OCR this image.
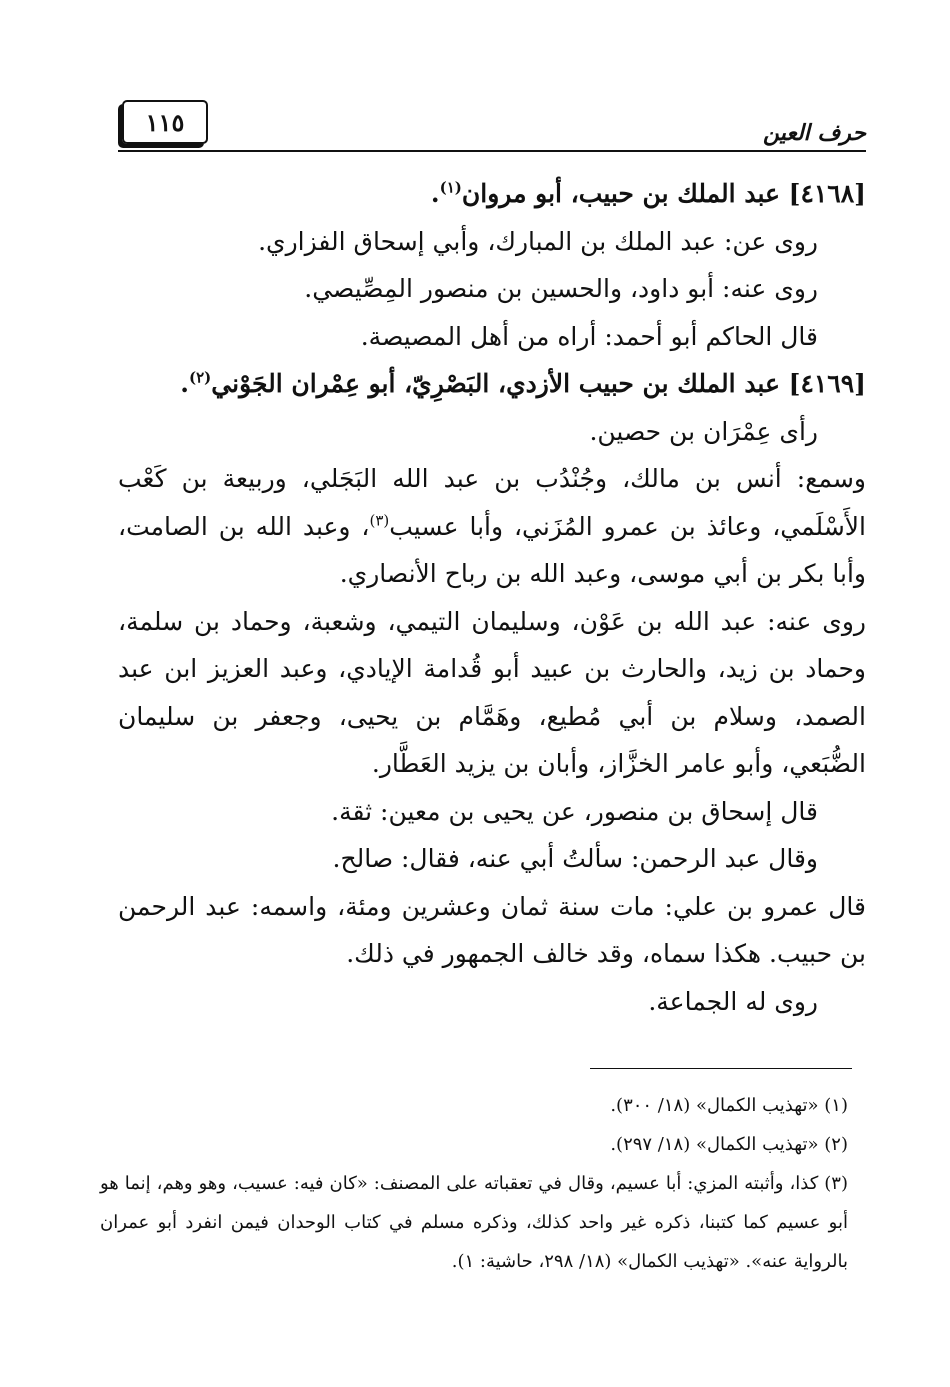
١١٥	حرف العين

[٤١٦٨] عبد الملك بن حبيب، أبو مروان$^{(١)}$.

روى عن: عبد الملك بن المبارك، وأبي إسحاق الفزاري.

روى عنه: أبو داود، والحسين بن منصور المِصِّيصي.

قال الحاكم أبو أحمد: أراه من أهل المصيصة.

[٤١٦٩] عبد الملك بن حبيب الأزدي، البَصْرِيّ، أبو عِمْران الجَوْني$^{(٢)}$.

رأى عِمْرَان بن حصين.

وسمع: أنس بن مالك، وجُنْدُب بن عبد الله البَجَلي، وربيعة بن كَعْب الأَسْلَمي، وعائذ بن عمرو المُزَني، وأبا عسيب$^{(٣)}$، وعبد الله بن الصامت، وأبا بكر بن أبي موسى، وعبد الله بن رباح الأنصاري.

روى عنه: عبد الله بن عَوْن، وسليمان التيمي، وشعبة، وحماد بن سلمة، وحماد بن زيد، والحارث بن عبيد أبو قُدامة الإيادي، وعبد العزيز ابن عبد الصمد، وسلام بن أبي مُطيع، وهَمَّام بن يحيى، وجعفر بن سليمان الضُّبَعي، وأبو عامر الخزَّاز، وأبان بن يزيد العَطَّار.

قال إسحاق بن منصور، عن يحيى بن معين: ثقة.

وقال عبد الرحمن: سألتُ أبي عنه، فقال: صالح.

قال عمرو بن علي: مات سنة ثمان وعشرين ومئة، واسمه: عبد الرحمن بن حبيب. هكذا سماه، وقد خالف الجمهور في ذلك.

روى له الجماعة.

(١) «تهذيب الكمال» (١٨/ ٣٠٠).

(٢) «تهذيب الكمال» (١٨/ ٢٩٧).

(٣) كذا، وأثبته المزي: أبا عسيم، وقال في تعقباته على المصنف: «كان فيه: عسيب، وهو وهم، إنما هو أبو عسيم كما كتبنا، ذكره غير واحد كذلك، وذكره مسلم في كتاب الوحدان فيمن انفرد أبو عمران بالرواية عنه». «تهذيب الكمال» (١٨/ ٢٩٨، حاشية: ١).
